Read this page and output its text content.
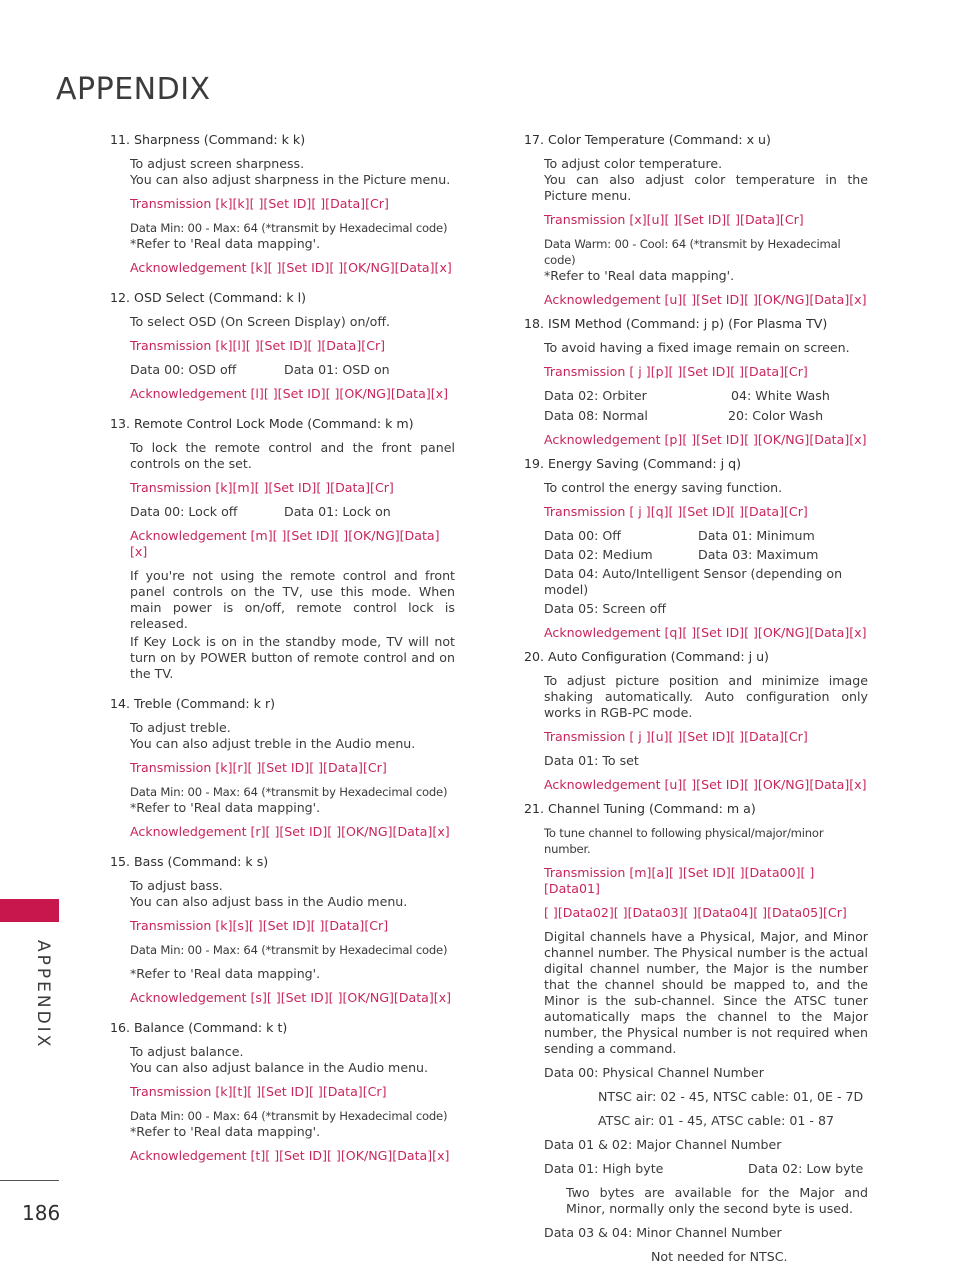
APPENDIX
11. Sharpness (Command: k k)
To adjust screen sharpness.
You can also adjust sharpness in the Picture menu.
Transmission [k][k][ ][Set ID][ ][Data][Cr]
Data Min: 00 - Max: 64 (*transmit by Hexadecimal code)
*Refer to 'Real data mapping'.
Acknowledgement [k][ ][Set ID][ ][OK/NG][Data][x]
12. OSD Select (Command: k l)
To select OSD (On Screen Display) on/off.
Transmission [k][l][ ][Set ID][ ][Data][Cr]
Data 00: OSD off	Data 01: OSD on
Acknowledgement [l][ ][Set ID][ ][OK/NG][Data][x]
13. Remote Control Lock Mode (Command: k m)
To lock the remote control and the front panel controls on the set.
Transmission [k][m][ ][Set ID][ ][Data][Cr]
Data 00: Lock off	Data 01: Lock on
Acknowledgement [m][ ][Set ID][ ][OK/NG][Data][x]
If you're not using the remote control and front panel controls on the TV, use this mode. When main power is on/off, remote control lock is released.
If Key Lock is on in the standby mode, TV will not turn on by POWER button of remote control and on the TV.
14. Treble (Command: k r)
To adjust treble.
You can also adjust treble in the Audio menu.
Transmission [k][r][ ][Set ID][ ][Data][Cr]
Data Min: 00 - Max: 64 (*transmit by Hexadecimal code)
*Refer to 'Real data mapping'.
Acknowledgement [r][ ][Set ID][ ][OK/NG][Data][x]
15. Bass (Command: k s)
To adjust bass.
You can also adjust bass in the Audio menu.
Transmission [k][s][ ][Set ID][ ][Data][Cr]
Data Min: 00 - Max: 64 (*transmit by Hexadecimal code)
*Refer to 'Real data mapping'.
Acknowledgement [s][ ][Set ID][ ][OK/NG][Data][x]
16. Balance (Command: k t)
To adjust balance.
You can also adjust balance in the Audio menu.
Transmission [k][t][ ][Set ID][ ][Data][Cr]
Data Min: 00 - Max: 64 (*transmit by Hexadecimal code)
*Refer to 'Real data mapping'.
Acknowledgement [t][ ][Set ID][ ][OK/NG][Data][x]
17. Color Temperature (Command: x u)
To adjust color temperature.
You can also adjust color temperature in the Picture menu.
Transmission [x][u][ ][Set ID][ ][Data][Cr]
Data Warm: 00 - Cool: 64 (*transmit by Hexadecimal code)
*Refer to 'Real data mapping'.
Acknowledgement [u][ ][Set ID][ ][OK/NG][Data][x]
18. ISM Method (Command: j p) (For Plasma TV)
To avoid having a fixed image remain on screen.
Transmission [ j ][p][ ][Set ID][ ][Data][Cr]
Data 02: Orbiter	04: White Wash
Data 08: Normal	20: Color Wash
Acknowledgement [p][ ][Set ID][ ][OK/NG][Data][x]
19. Energy Saving (Command: j q)
To control the energy saving function.
Transmission [ j ][q][ ][Set ID][ ][Data][Cr]
Data 00: Off	Data 01: Minimum
Data 02: Medium	Data 03: Maximum
Data 04: Auto/Intelligent Sensor (depending on model)
Data 05: Screen off
Acknowledgement [q][ ][Set ID][ ][OK/NG][Data][x]
20. Auto Configuration (Command: j u)
To adjust picture position and minimize image shaking automatically. Auto configuration only works in RGB-PC mode.
Transmission [ j ][u][ ][Set ID][ ][Data][Cr]
Data 01: To set
Acknowledgement [u][ ][Set ID][ ][OK/NG][Data][x]
21. Channel Tuning (Command: m a)
To tune channel to following physical/major/minor number.
Transmission [m][a][ ][Set ID][ ][Data00][ ][Data01]
[ ][Data02][ ][Data03][ ][Data04][ ][Data05][Cr]
Digital channels have a Physical, Major, and Minor channel number. The Physical number is the actual digital channel number, the Major is the number that the channel should be mapped to, and the Minor is the sub-channel. Since the ATSC tuner automatically maps the channel to the Major number, the Physical number is not required when sending a command.
Data 00: Physical Channel Number
NTSC air: 02 - 45, NTSC cable: 01, 0E - 7D
ATSC air: 01 - 45, ATSC cable: 01 - 87
Data 01 & 02: Major Channel Number
Data 01: High byte	Data 02: Low byte
Two bytes are available for the Major and Minor, normally only the second byte is used.
Data 03 & 04: Minor Channel Number
Not needed for NTSC.
APPENDIX
186
